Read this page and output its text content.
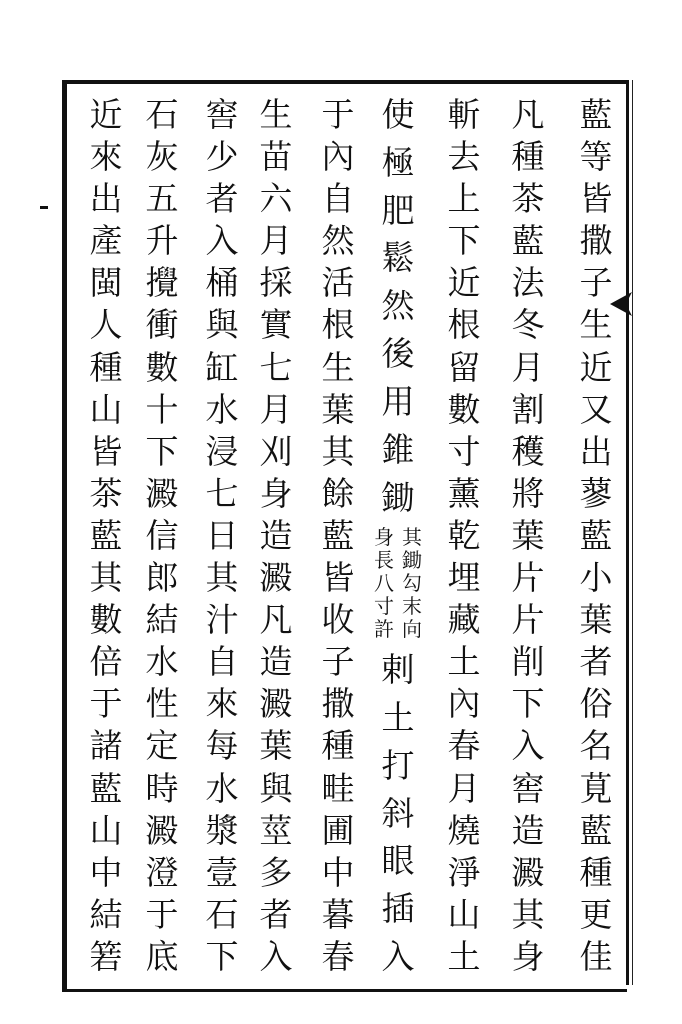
藍
等
皆
撒
子
生
近
又
出
蓼
藍
小
葉
者
俗
名
莧
藍
種
更
佳
凡
種
茶
藍
法
冬
月
割
穫
將
葉
片
片
削
下
入
窖
造
澱
其
身
斬
去
上
下
近
根
留
數
寸
薰
乾
埋
藏
土
內
春
月
燒
淨
山
土
使
極
肥
鬆
然
後
用
錐
鋤
其
鋤
勾
末
向
身
長
八
寸
許
剌
土
打
斜
眼
插
入
于
內
自
然
活
根
生
葉
其
餘
藍
皆
收
子
撒
種
畦
圃
中
暮
春
生
苗
六
月
採
實
七
月
刈
身
造
澱
凡
造
澱
葉
與
莖
多
者
入
窖
少
者
入
桶
與
缸
水
浸
七
日
其
汁
自
來
每
水
漿
壹
石
下
石
灰
五
升
攪
衝
數
十
下
澱
信
郎
結
水
性
定
時
澱
澄
于
底
近
來
出
產
閩
人
種
山
皆
茶
藍
其
數
倍
于
諸
藍
山
中
結
箬
